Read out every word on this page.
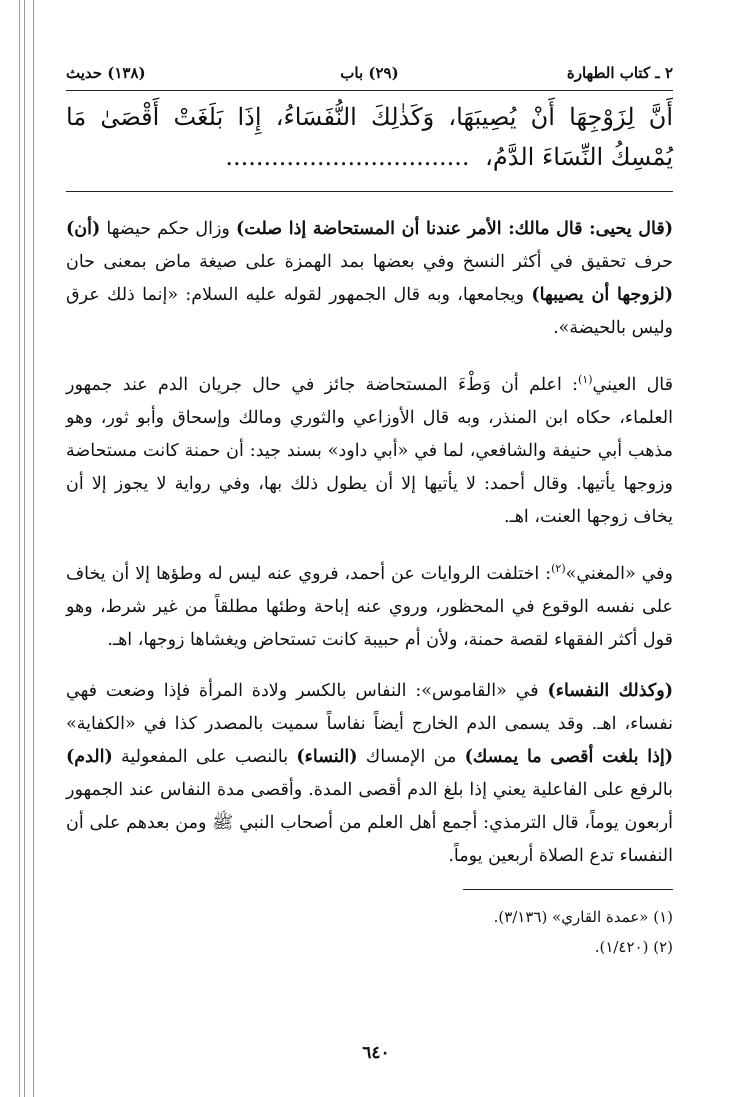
٢ ـ كتاب الطهارة
(٢٩) باب
(١٣٨) حديث
أَنَّ لِزَوْجِهَا أَنْ يُصِيبَهَا، وَكَذٰلِكَ النُّفَسَاءُ، إِذَا بَلَغَتْ أَقْصَىٰ مَا يُمْسِكُ النِّسَاءَ الدَّمُ، ................................
(قال يحيى: قال مالك: الأمر عندنا أن المستحاضة إذا صلت) وزال حكم حيضها (أن) حرف تحقيق في أكثر النسخ وفي بعضها بمد الهمزة على صيغة ماض بمعنى حان (لزوجها أن يصيبها) ويجامعها، وبه قال الجمهور لقوله عليه السلام: «إنما ذلك عرق وليس بالحيضة».
قال العيني$^{(١)}$: اعلم أن وَطْءَ المستحاضة جائز في حال جريان الدم عند جمهور العلماء، حكاه ابن المنذر، وبه قال الأوزاعي والثوري ومالك وإسحاق وأبو ثور، وهو مذهب أبي حنيفة والشافعي، لما في «أبي داود» بسند جيد: أن حمنة كانت مستحاضة وزوجها يأتيها. وقال أحمد: لا يأتيها إلا أن يطول ذلك بها، وفي رواية لا يجوز إلا أن يخاف زوجها العنت، اهـ.
وفي «المغني»$^{(٢)}$: اختلفت الروايات عن أحمد، فروي عنه ليس له وطؤها إلا أن يخاف على نفسه الوقوع في المحظور، وروي عنه إباحة وطئها مطلقاً من غير شرط، وهو قول أكثر الفقهاء لقصة حمنة، ولأن أم حبيبة كانت تستحاض ويغشاها زوجها، اهـ.
(وكذلك النفساء) في «القاموس»: النفاس بالكسر ولادة المرأة فإذا وضعت فهي نفساء، اهـ. وقد يسمى الدم الخارج أيضاً نفاساً سميت بالمصدر كذا في «الكفاية» (إذا بلغت أقصى ما يمسك) من الإمساك (النساء) بالنصب على المفعولية (الدم) بالرفع على الفاعلية يعني إذا بلغ الدم أقصى المدة. وأقصى مدة النفاس عند الجمهور أربعون يوماً، قال الترمذي: أجمع أهل العلم من أصحاب النبي ﷺ ومن بعدهم على أن النفساء تدع الصلاة أربعين يوماً.
(١) «عمدة القاري» (٣/١٣٦).
(٢) (١/٤٢٠).
٦٤٠
